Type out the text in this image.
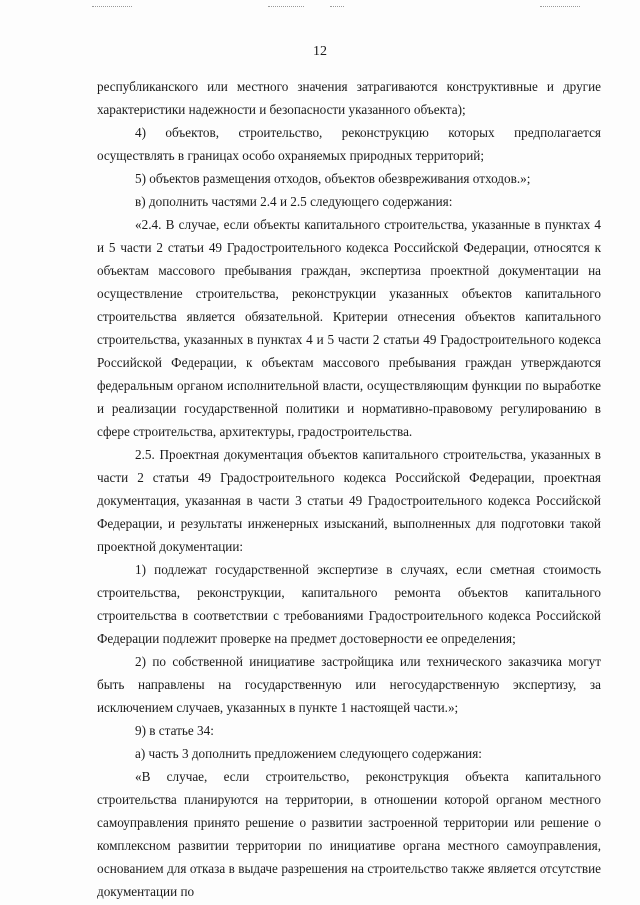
12

республиканского или местного значения затрагиваются конструктивные и другие характеристики надежности и безопасности указанного объекта);

4) объектов, строительство, реконструкцию которых предполагается осуществлять в границах особо охраняемых природных территорий;

5) объектов размещения отходов, объектов обезвреживания отходов.»;

в) дополнить частями 2.4 и 2.5 следующего содержания:

«2.4. В случае, если объекты капитального строительства, указанные в пунктах 4 и 5 части 2 статьи 49 Градостроительного кодекса Российской Федерации, относятся к объектам массового пребывания граждан, экспертиза проектной документации на осуществление строительства, реконструкции указанных объектов капитального строительства является обязательной. Критерии отнесения объектов капитального строительства, указанных в пунктах 4 и 5 части 2 статьи 49 Градостроительного кодекса Российской Федерации, к объектам массового пребывания граждан утверждаются федеральным органом исполнительной власти, осуществляющим функции по выработке и реализации государственной политики и нормативно-правовому регулированию в сфере строительства, архитектуры, градостроительства.

2.5. Проектная документация объектов капитального строительства, указанных в части 2 статьи 49 Градостроительного кодекса Российской Федерации, проектная документация, указанная в части 3 статьи 49 Градостроительного кодекса Российской Федерации, и результаты инженерных изысканий, выполненных для подготовки такой проектной документации:

1) подлежат государственной экспертизе в случаях, если сметная стоимость строительства, реконструкции, капитального ремонта объектов капитального строительства в соответствии с требованиями Градостроительного кодекса Российской Федерации подлежит проверке на предмет достоверности ее определения;

2) по собственной инициативе застройщика или технического заказчика могут быть направлены на государственную или негосударственную экспертизу, за исключением случаев, указанных в пункте 1 настоящей части.»;

9) в статье 34:

а) часть 3 дополнить предложением следующего содержания:

«В случае, если строительство, реконструкция объекта капитального строительства планируются на территории, в отношении которой органом местного самоуправления принято решение о развитии застроенной территории или решение о комплексном развитии территории по инициативе органа местного самоуправления, основанием для отказа в выдаче разрешения на строительство также является отсутствие документации по
